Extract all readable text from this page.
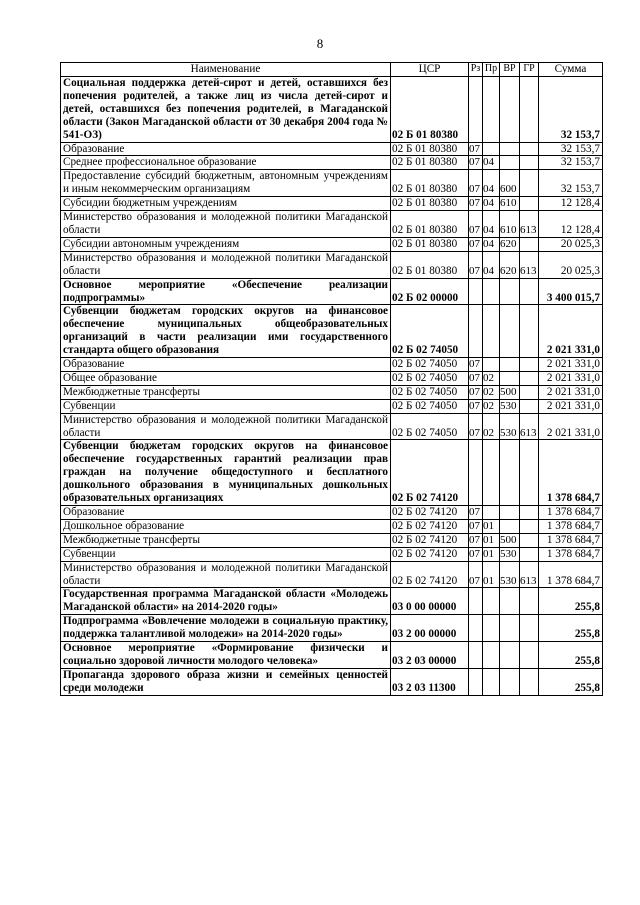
8
Наименование	ЦСР	Рз	Пр	ВР	ГР	Сумма
Социальная поддержка детей-сирот и детей, оставшихся без попечения родителей, а также лиц из числа детей-сирот и детей, оставшихся без попечения родителей, в Магаданской области (Закон Магаданской области от 30 декабря 2004 года № 541-ОЗ)	02 Б 01 80380					32 153,7
Образование	02 Б 01 80380	07				32 153,7
Среднее профессиональное образование	02 Б 01 80380	07	04			32 153,7
Предоставление субсидий бюджетным, автономным учреждениям и иным некоммерческим организациям	02 Б 01 80380	07	04	600		32 153,7
Субсидии бюджетным учреждениям	02 Б 01 80380	07	04	610		12 128,4
Министерство образования и молодежной политики Магаданской области	02 Б 01 80380	07	04	610	613	12 128,4
Субсидии автономным учреждениям	02 Б 01 80380	07	04	620		20 025,3
Министерство образования и молодежной политики Магаданской области	02 Б 01 80380	07	04	620	613	20 025,3
Основное мероприятие «Обеспечение реализации подпрограммы»	02 Б 02 00000					3 400 015,7
Субвенции бюджетам городских округов на финансовое обеспечение муниципальных общеобразовательных организаций в части реализации ими государственного стандарта общего образования	02 Б 02 74050					2 021 331,0
Образование	02 Б 02 74050	07				2 021 331,0
Общее образование	02 Б 02 74050	07	02			2 021 331,0
Межбюджетные трансферты	02 Б 02 74050	07	02	500		2 021 331,0
Субвенции	02 Б 02 74050	07	02	530		2 021 331,0
Министерство образования и молодежной политики Магаданской области	02 Б 02 74050	07	02	530	613	2 021 331,0
Субвенции бюджетам городских округов на финансовое обеспечение государственных гарантий реализации прав граждан на получение общедоступного и бесплатного дошкольного образования в муниципальных дошкольных образовательных организациях	02 Б 02 74120					1 378 684,7
Образование	02 Б 02 74120	07				1 378 684,7
Дошкольное образование	02 Б 02 74120	07	01			1 378 684,7
Межбюджетные трансферты	02 Б 02 74120	07	01	500		1 378 684,7
Субвенции	02 Б 02 74120	07	01	530		1 378 684,7
Министерство образования и молодежной политики Магаданской области	02 Б 02 74120	07	01	530	613	1 378 684,7
Государственная программа Магаданской области «Молодежь Магаданской области» на 2014-2020 годы»	03 0 00 00000					255,8
Подпрограмма «Вовлечение молодежи в социальную практику, поддержка талантливой молодежи» на 2014-2020 годы»	03 2 00 00000					255,8
Основное мероприятие «Формирование физически и социально здоровой личности молодого человека»	03 2 03 00000					255,8
Пропаганда здорового образа жизни и семейных ценностей среди молодежи	03 2 03 11300					255,8
